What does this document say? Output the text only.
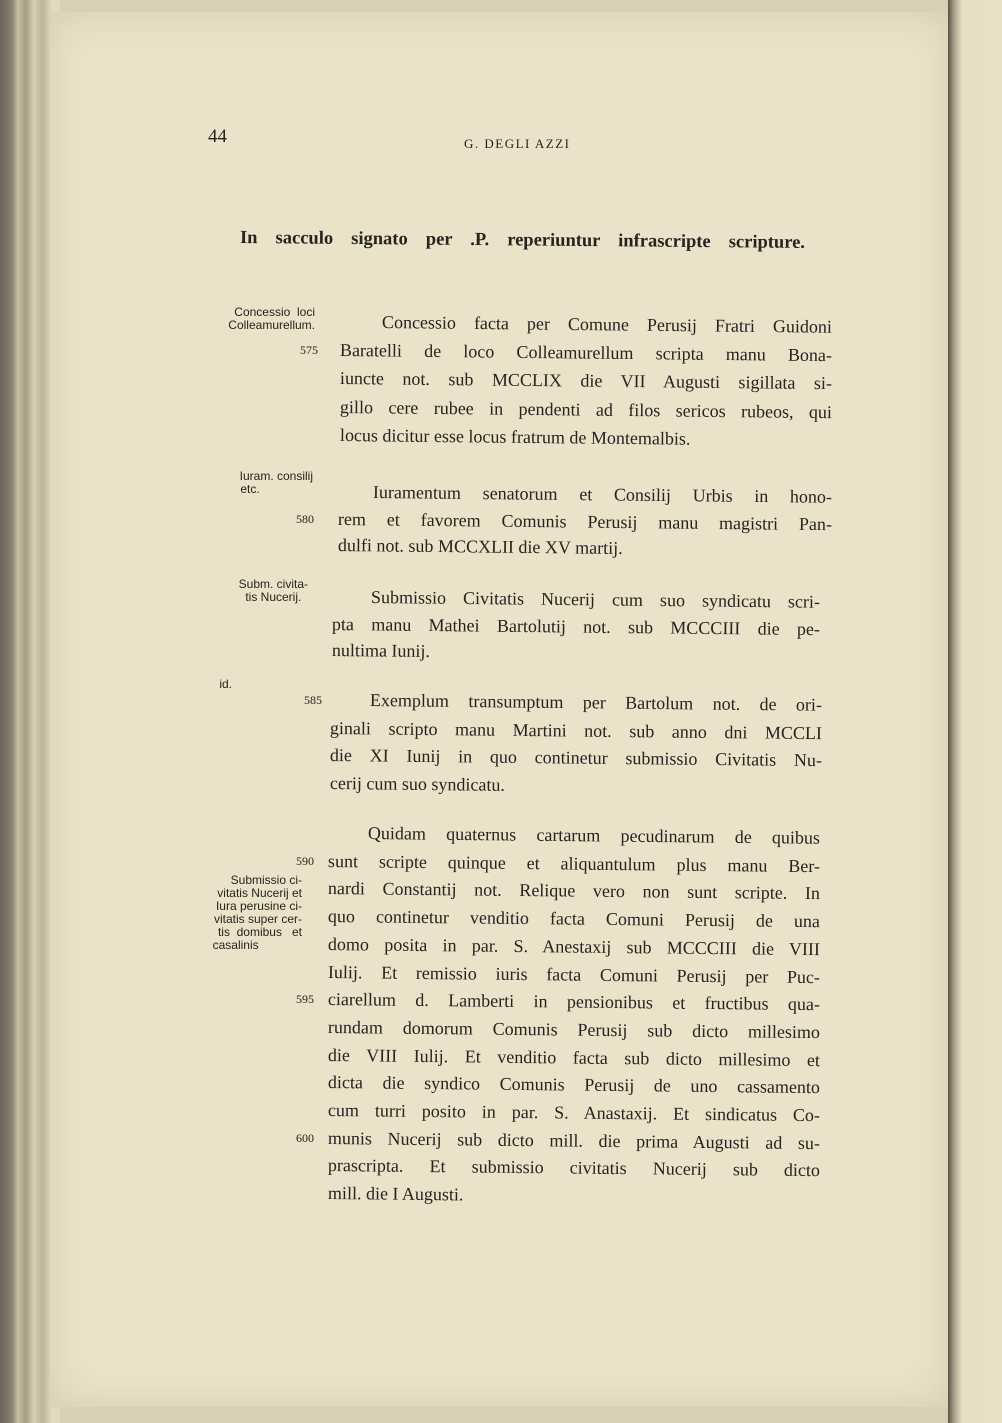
44	G. DEGLI AZZI
In sacculo signato per .P. reperiuntur infrascripte scripture.
Concessio  loci
Colleamurellum.	Concessio facta per Comune Perusij Fratri Guidoni
Baratelli de loco Colleamurellum scripta manu Bona-
iuncte not. sub MCCLIX die VII Augusti sigillata si-
gillo cere rubee in pendenti ad filos sericos rubeos, qui
locus dicitur esse locus fratrum de Montemalbis.
575
Iuram. consilij
etc.	Iuramentum senatorum et Consilij Urbis in hono-
rem et favorem Comunis Perusij manu magistri Pan-
dulfi not. sub MCCXLII die XV martij.
580
Subm. civita-
tis Nucerij.	Submissio Civitatis Nucerij cum suo syndicatu scri-
pta manu Mathei Bartolutij not. sub MCCCIII die pe-
nultima Iunij.
id.
Exemplum transumptum per Bartolum not. de ori-
ginali scripto manu Martini not. sub anno dni MCCLI
die XI Iunij in quo continetur submissio Civitatis Nu-
cerij cum suo syndicatu.
585
Submissio ci-
vitatis Nucerij et
Iura perusine ci-
vitatis super cer-
tis  domibus   et
casalinis
Quidam quaternus cartarum pecudinarum de quibus
sunt scripte quinque et aliquantulum plus manu Ber-
nardi Constantij not. Relique vero non sunt scripte. In
quo continetur venditio facta Comuni Perusij de una
domo posita in par. S. Anestaxij sub MCCCIII die VIII
Iulij. Et remissio iuris facta Comuni Perusij per Puc-
ciarellum d. Lamberti in pensionibus et fructibus qua-
rundam domorum Comunis Perusij sub dicto millesimo
die VIII Iulij. Et venditio facta sub dicto millesimo et
dicta die syndico Comunis Perusij de uno cassamento
cum turri posito in par. S. Anastaxij. Et sindicatus Co-
munis Nucerij sub dicto mill. die prima Augusti ad su-
prascripta. Et submissio civitatis Nucerij sub dicto
mill. die I Augusti.
590
595
600
